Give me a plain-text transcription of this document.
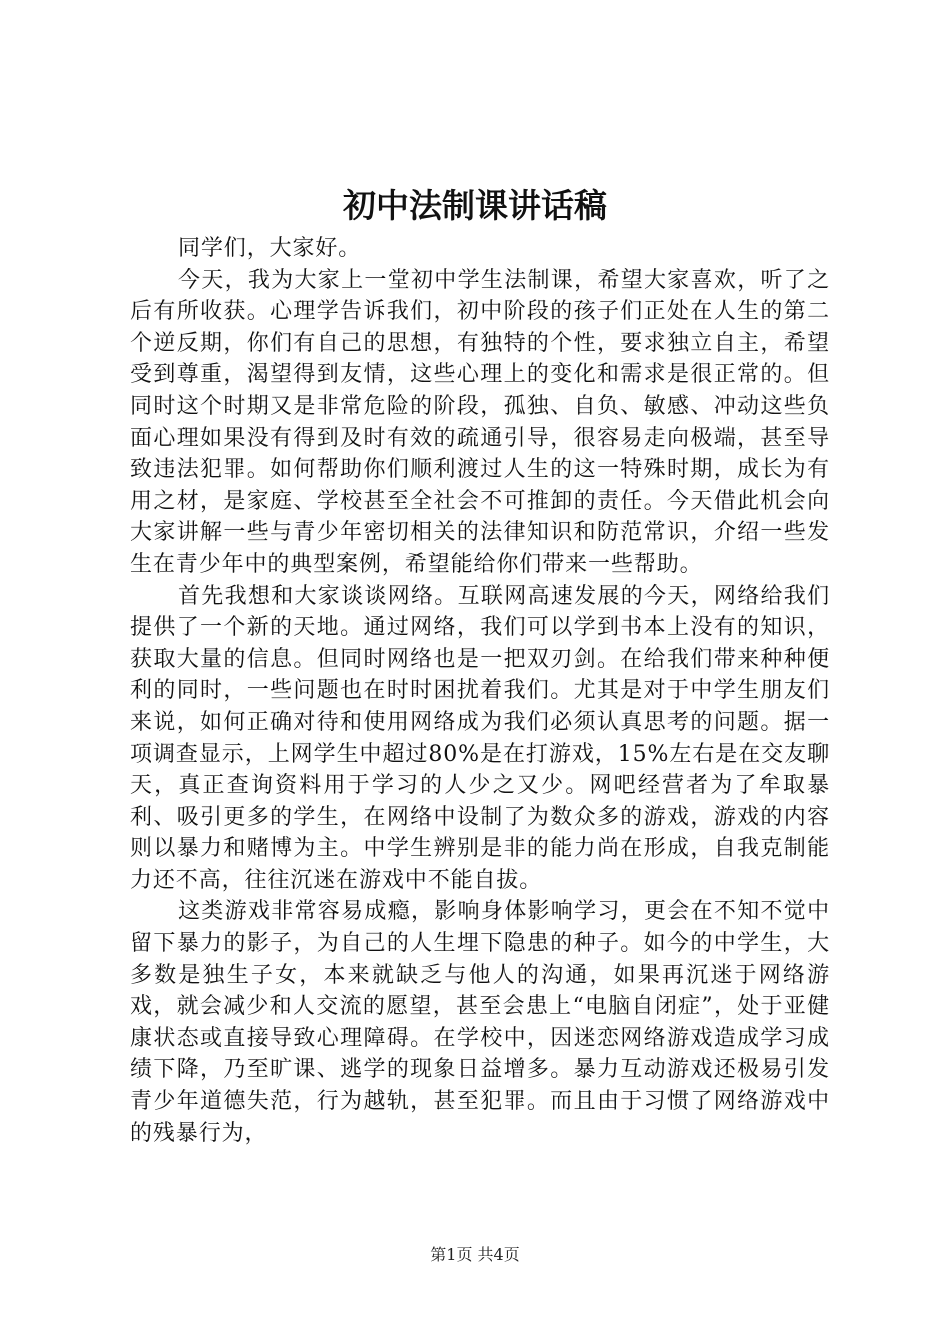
初中法制课讲话稿

同学们，大家好。

今天，我为大家上一堂初中学生法制课，希望大家喜欢，听了之后有所收获。心理学告诉我们，初中阶段的孩子们正处在人生的第二个逆反期，你们有自己的思想，有独特的个性，要求独立自主，希望受到尊重，渴望得到友情，这些心理上的变化和需求是很正常的。但同时这个时期又是非常危险的阶段，孤独、自负、敏感、冲动这些负面心理如果没有得到及时有效的疏通引导，很容易走向极端，甚至导致违法犯罪。如何帮助你们顺利渡过人生的这一特殊时期，成长为有用之材，是家庭、学校甚至全社会不可推卸的责任。今天借此机会向大家讲解一些与青少年密切相关的法律知识和防范常识，介绍一些发生在青少年中的典型案例，希望能给你们带来一些帮助。

首先我想和大家谈谈网络。互联网高速发展的今天，网络给我们提供了一个新的天地。通过网络，我们可以学到书本上没有的知识，获取大量的信息。但同时网络也是一把双刃剑。在给我们带来种种便利的同时，一些问题也在时时困扰着我们。尤其是对于中学生朋友们来说，如何正确对待和使用网络成为我们必须认真思考的问题。据一项调查显示，上网学生中超过80%是在打游戏，15%左右是在交友聊天，真正查询资料用于学习的人少之又少。网吧经营者为了牟取暴利、吸引更多的学生，在网络中设制了为数众多的游戏，游戏的内容则以暴力和赌博为主。中学生辨别是非的能力尚在形成，自我克制能力还不高，往往沉迷在游戏中不能自拔。

这类游戏非常容易成瘾，影响身体影响学习，更会在不知不觉中留下暴力的影子，为自己的人生埋下隐患的种子。如今的中学生，大多数是独生子女，本来就缺乏与他人的沟通，如果再沉迷于网络游戏，就会减少和人交流的愿望，甚至会患上“电脑自闭症”，处于亚健康状态或直接导致心理障碍。在学校中，因迷恋网络游戏造成学习成绩下降，乃至旷课、逃学的现象日益增多。暴力互动游戏还极易引发青少年道德失范，行为越轨，甚至犯罪。而且由于习惯了网络游戏中的残暴行为，

第1页 共4页
